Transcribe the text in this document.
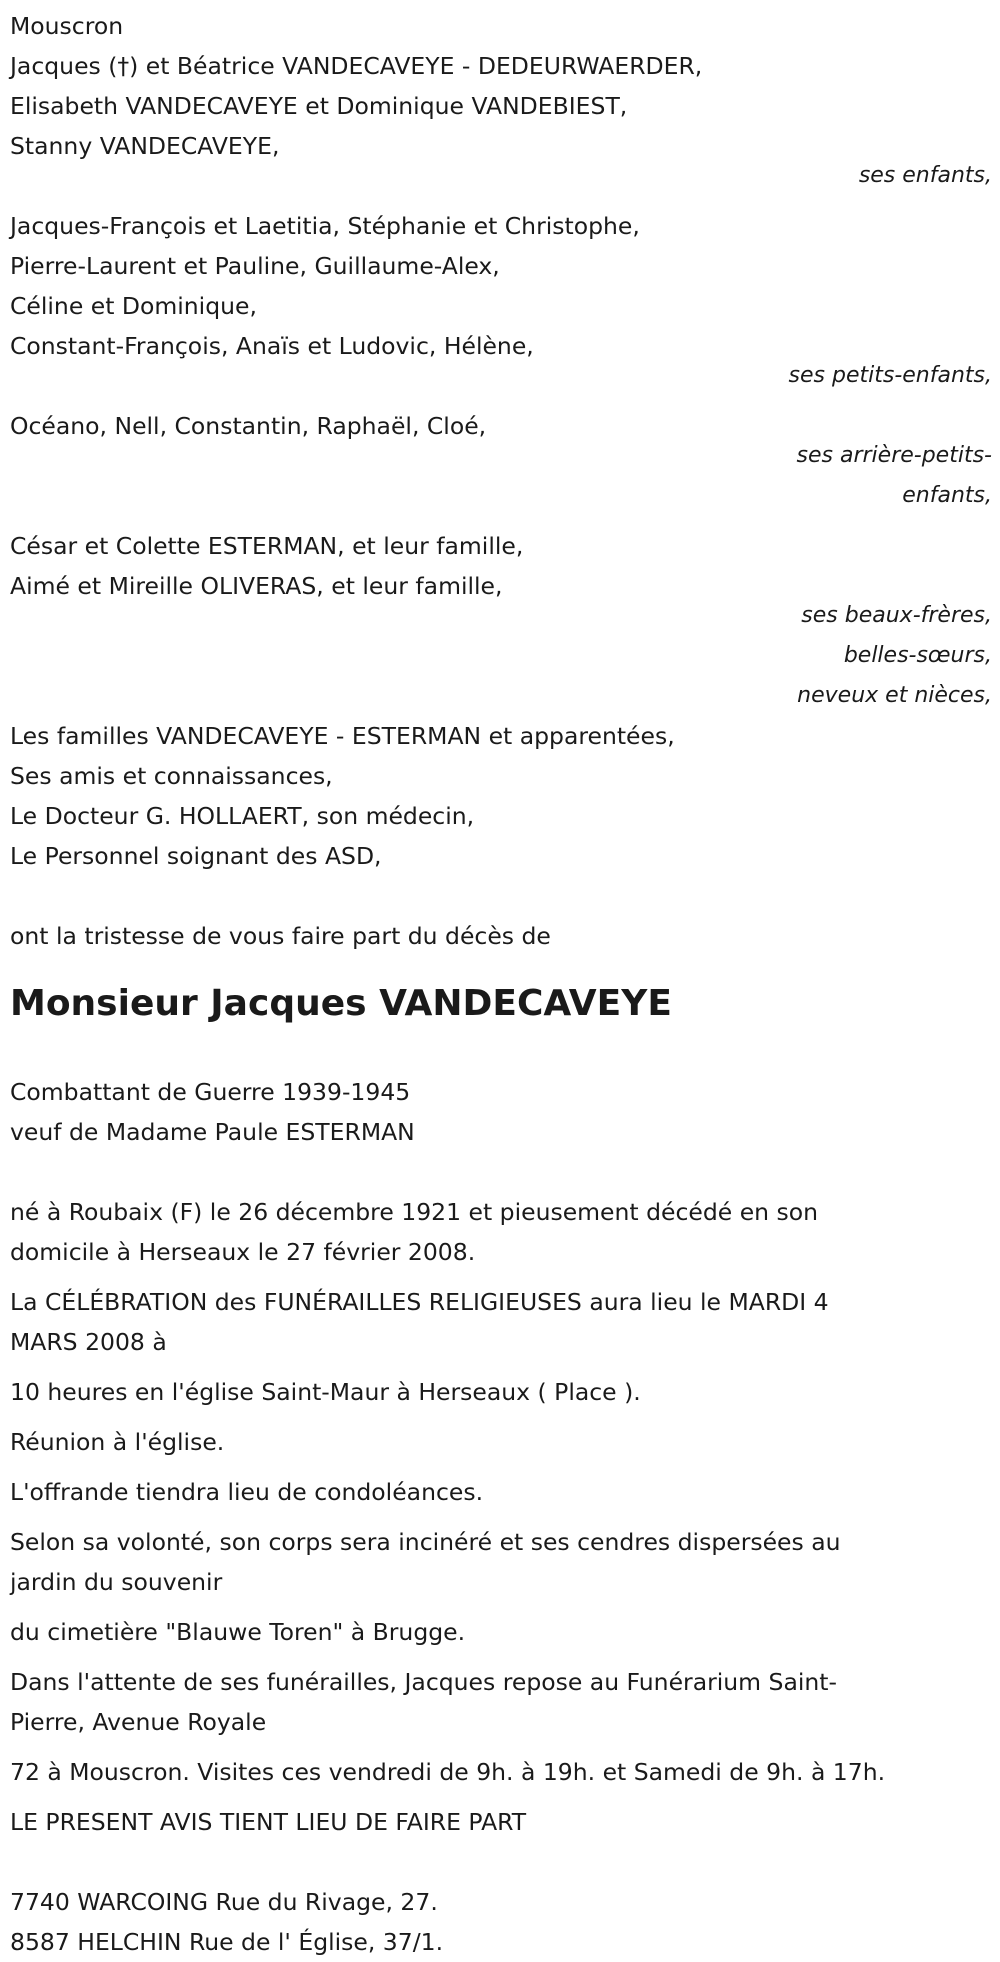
Mouscron
Jacques (†) et Béatrice VANDECAVEYE - DEDEURWAERDER,
Elisabeth VANDECAVEYE et Dominique VANDEBIEST,
Stanny VANDECAVEYE,
ses enfants,
Jacques-François et Laetitia, Stéphanie et Christophe,
Pierre-Laurent et Pauline, Guillaume-Alex,
Céline et Dominique,
Constant-François, Anaïs et Ludovic, Hélène,
ses petits-enfants,
Océano, Nell, Constantin, Raphaël, Cloé,
ses arrière-petits-
enfants,
César et Colette ESTERMAN, et leur famille,
Aimé et Mireille OLIVERAS, et leur famille,
ses beaux-frères,
belles-sœurs,
neveux et nièces,
Les familles VANDECAVEYE - ESTERMAN et apparentées,
Ses amis et connaissances,
Le Docteur G. HOLLAERT, son médecin,
Le Personnel soignant des ASD,
ont la tristesse de vous faire part du décès de
Monsieur Jacques VANDECAVEYE
Combattant de Guerre 1939-1945
veuf de Madame Paule ESTERMAN
né à Roubaix (F) le 26 décembre 1921 et pieusement décédé en son
domicile à Herseaux le 27 février 2008.
La CÉLÉBRATION des FUNÉRAILLES RELIGIEUSES aura lieu le MARDI 4
MARS 2008 à
10 heures en l'église Saint-Maur à Herseaux ( Place ).
Réunion à l'église.
L'offrande tiendra lieu de condoléances.
Selon sa volonté, son corps sera incinéré et ses cendres dispersées au
jardin du souvenir
du cimetière "Blauwe Toren" à Brugge.
Dans l'attente de ses funérailles, Jacques repose au Funérarium Saint-
Pierre, Avenue Royale
72 à Mouscron. Visites ces vendredi de 9h. à 19h. et Samedi de 9h. à 17h.
LE PRESENT AVIS TIENT LIEU DE FAIRE PART
7740 WARCOING Rue du Rivage, 27.
8587 HELCHIN Rue de l' Église, 37/1.
